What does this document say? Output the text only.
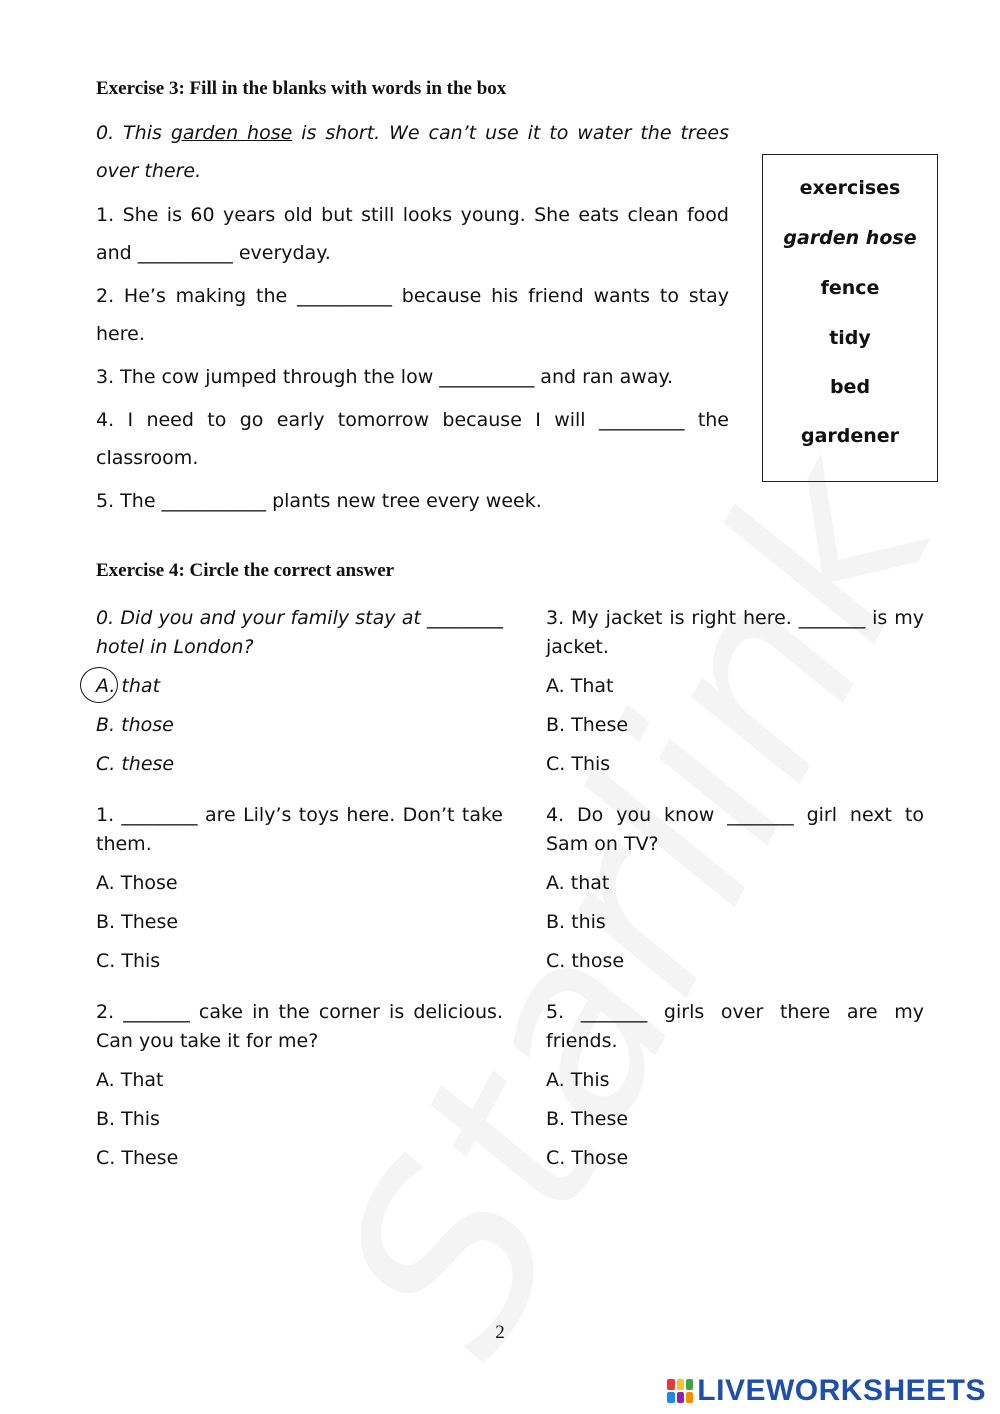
Exercise 3: Fill in the blanks with words in the box

0. This garden hose is short. We can’t use it to water the trees over there.

1. She is 60 years old but still looks young. She eats clean food and __________ everyday.

2. He’s making the __________ because his friend wants to stay here.

3. The cow jumped through the low __________ and ran away.

4. I need to go early tomorrow because I will _________ the classroom.

5. The ___________ plants new tree every week.

exercises
garden hose
fence
tidy
bed
gardener
Exercise 4: Circle the correct answer

0. Did you and your family stay at ________ hotel in London?

A. that
B. those
C. these

1. ________ are Lily’s toys here. Don’t take them.

A. Those
B. These
C. This

2. _______ cake in the corner is delicious. Can you take it for me?

A. That
B. This
C. These

3. My jacket is right here. _______ is my jacket.

A. That
B. These
C. This

4. Do you know _______ girl next to Sam on TV?

A. that
B. this
C. those

5. _______ girls over there are my friends.

A. This
B. These
C. Those
2
LIVEWORKSHEETS
